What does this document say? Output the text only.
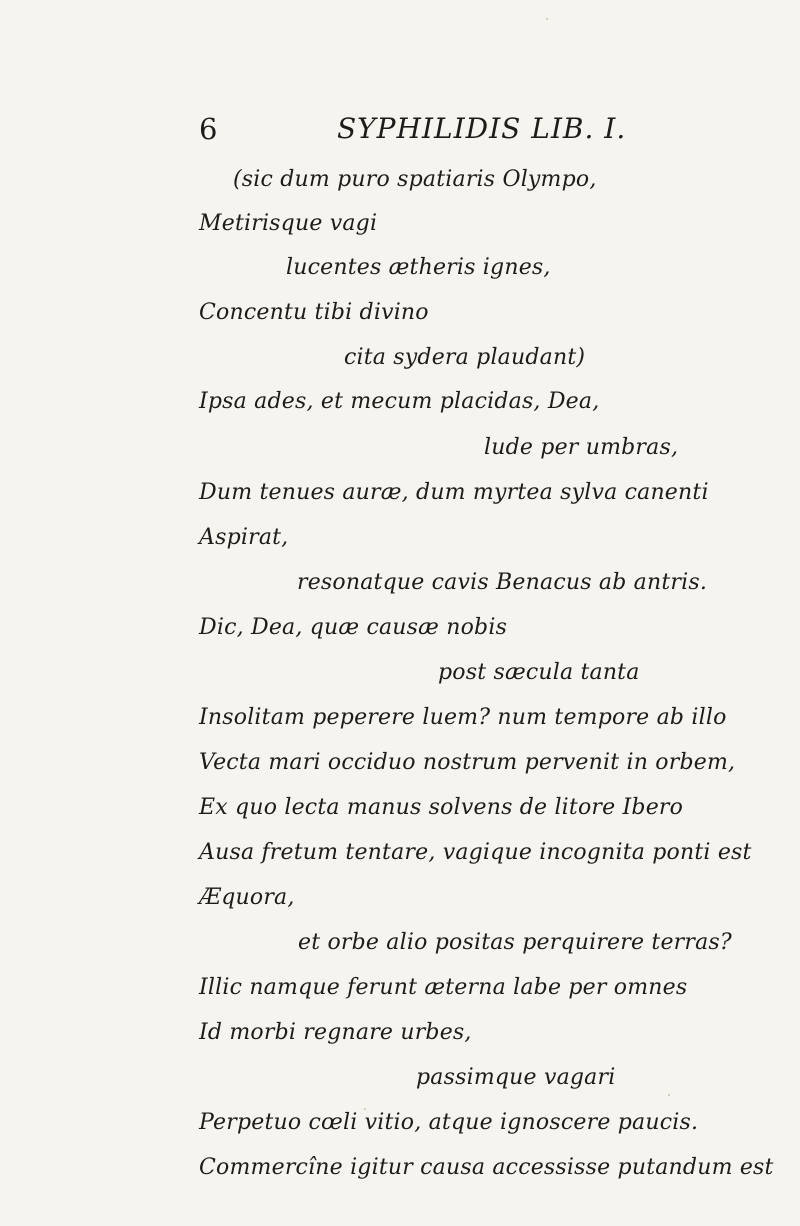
6	SYPHILIDIS LIB. I.
(sic dum puro spatiaris Olympo,
Metirisque vagi
lucentes ætheris ignes,
Concentu tibi divino
cita sydera plaudant)
Ipsa ades, et mecum placidas, Dea,
lude per umbras,
Dum tenues auræ, dum myrtea sylva canenti
Aspirat,
resonatque cavis Benacus ab antris.
Dic, Dea, quæ causæ nobis
post sæcula tanta
Insolitam peperere luem? num tempore ab illo
Vecta mari occiduo nostrum pervenit in orbem,
Ex quo lecta manus solvens de litore Ibero
Ausa fretum tentare, vagique incognita ponti est
Æquora,
et orbe alio positas perquirere terras?
Illic namque ferunt æterna labe per omnes
Id morbi regnare urbes,
passimque vagari
Perpetuo cœli vitio, atque ignoscere paucis.
Commercîne igitur causa accessisse putandum est
